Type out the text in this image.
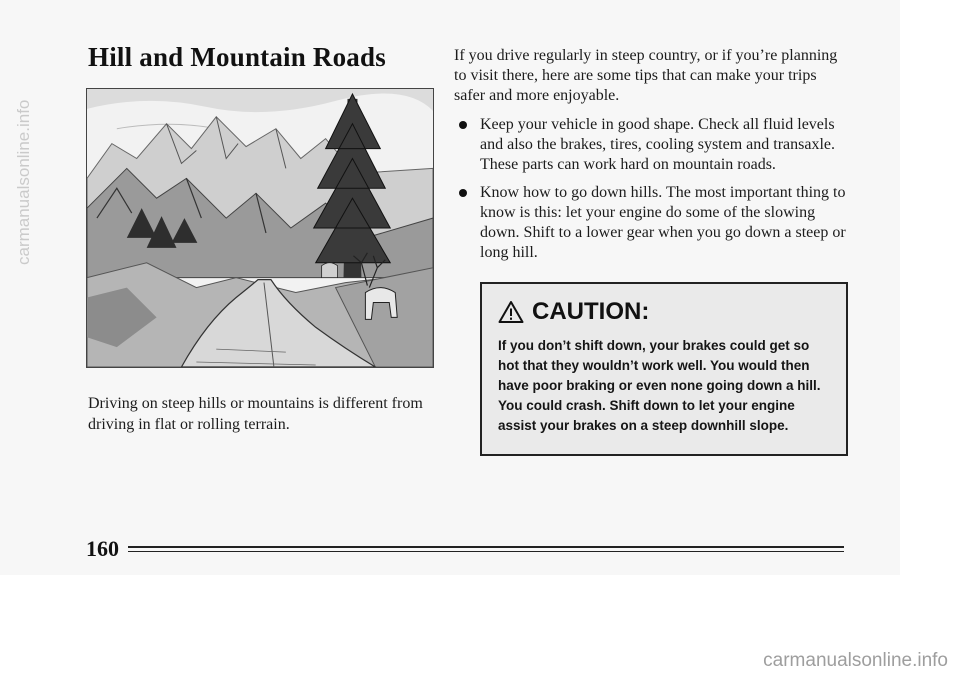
Hill and Mountain Roads

Driving on steep hills or mountains is different from driving in flat or rolling terrain.

If you drive regularly in steep country, or if you’re planning to visit there, here are some tips that can make your trips safer and more enjoyable.

Keep your vehicle in good shape. Check all fluid levels and also the brakes, tires, cooling system and transaxle. These parts can work hard on mountain roads.
Know how to go down hills. The most important thing to know is this: let your engine do some of the slowing down. Shift to a lower gear when you go down a steep or long hill.
CAUTION:

If you don’t shift down, your brakes could get so hot that they wouldn’t work well. You would then have poor braking or even none going down a hill. You could crash. Shift down to let your engine assist your brakes on a steep downhill slope.

160
carmanualsonline.info
carmanualsonline.info
